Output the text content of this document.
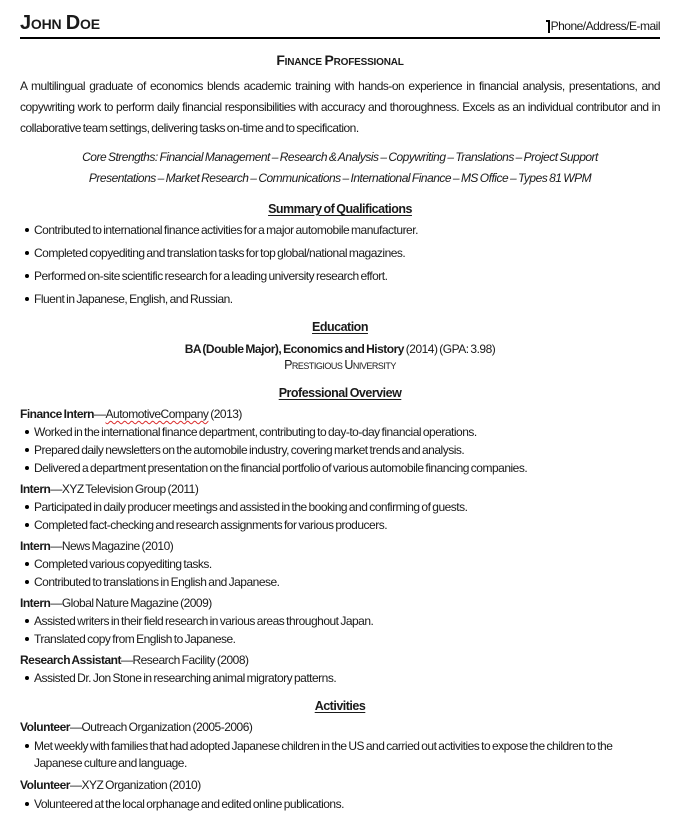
John Doe	Phone/Address/E-mail
Finance Professional

A multilingual graduate of economics blends academic training with hands-on experience in financial analysis, presentations, and copywriting work to perform daily financial responsibilities with accuracy and thoroughness. Excels as an individual contributor and in collaborative team settings, delivering tasks on-time and to specification.

Core Strengths: Financial Management – Research & Analysis – Copywriting – Translations – Project Support
Presentations – Market Research – Communications – International Finance – MS Office – Types 81 WPM
Summary of Qualifications
Contributed to international finance activities for a major automobile manufacturer.
Completed copyediting and translation tasks for top global/national magazines.
Performed on-site scientific research for a leading university research effort.
Fluent in Japanese, English, and Russian.
Education
BA (Double Major), Economics and History (2014) (GPA: 3.98)
Prestigious University
Professional Overview
Finance Intern—AutomotiveCompany (2013)
Worked in the international finance department, contributing to day-to-day financial operations.
Prepared daily newsletters on the automobile industry, covering market trends and analysis.
Delivered a department presentation on the financial portfolio of various automobile financing companies.
Intern—XYZ Television Group (2011)
Participated in daily producer meetings and assisted in the booking and confirming of guests.
Completed fact-checking and research assignments for various producers.
Intern—News Magazine (2010)
Completed various copyediting tasks.
Contributed to translations in English and Japanese.
Intern—Global Nature Magazine (2009)
Assisted writers in their field research in various areas throughout Japan.
Translated copy from English to Japanese.
Research Assistant—Research Facility (2008)
Assisted Dr. Jon Stone in researching animal migratory patterns.
Activities
Volunteer—Outreach Organization (2005-2006)
Met weekly with families that had adopted Japanese children in the US and carried out activities to expose the children to the Japanese culture and language.
Volunteer—XYZ Organization (2010)
Volunteered at the local orphanage and edited online publications.
